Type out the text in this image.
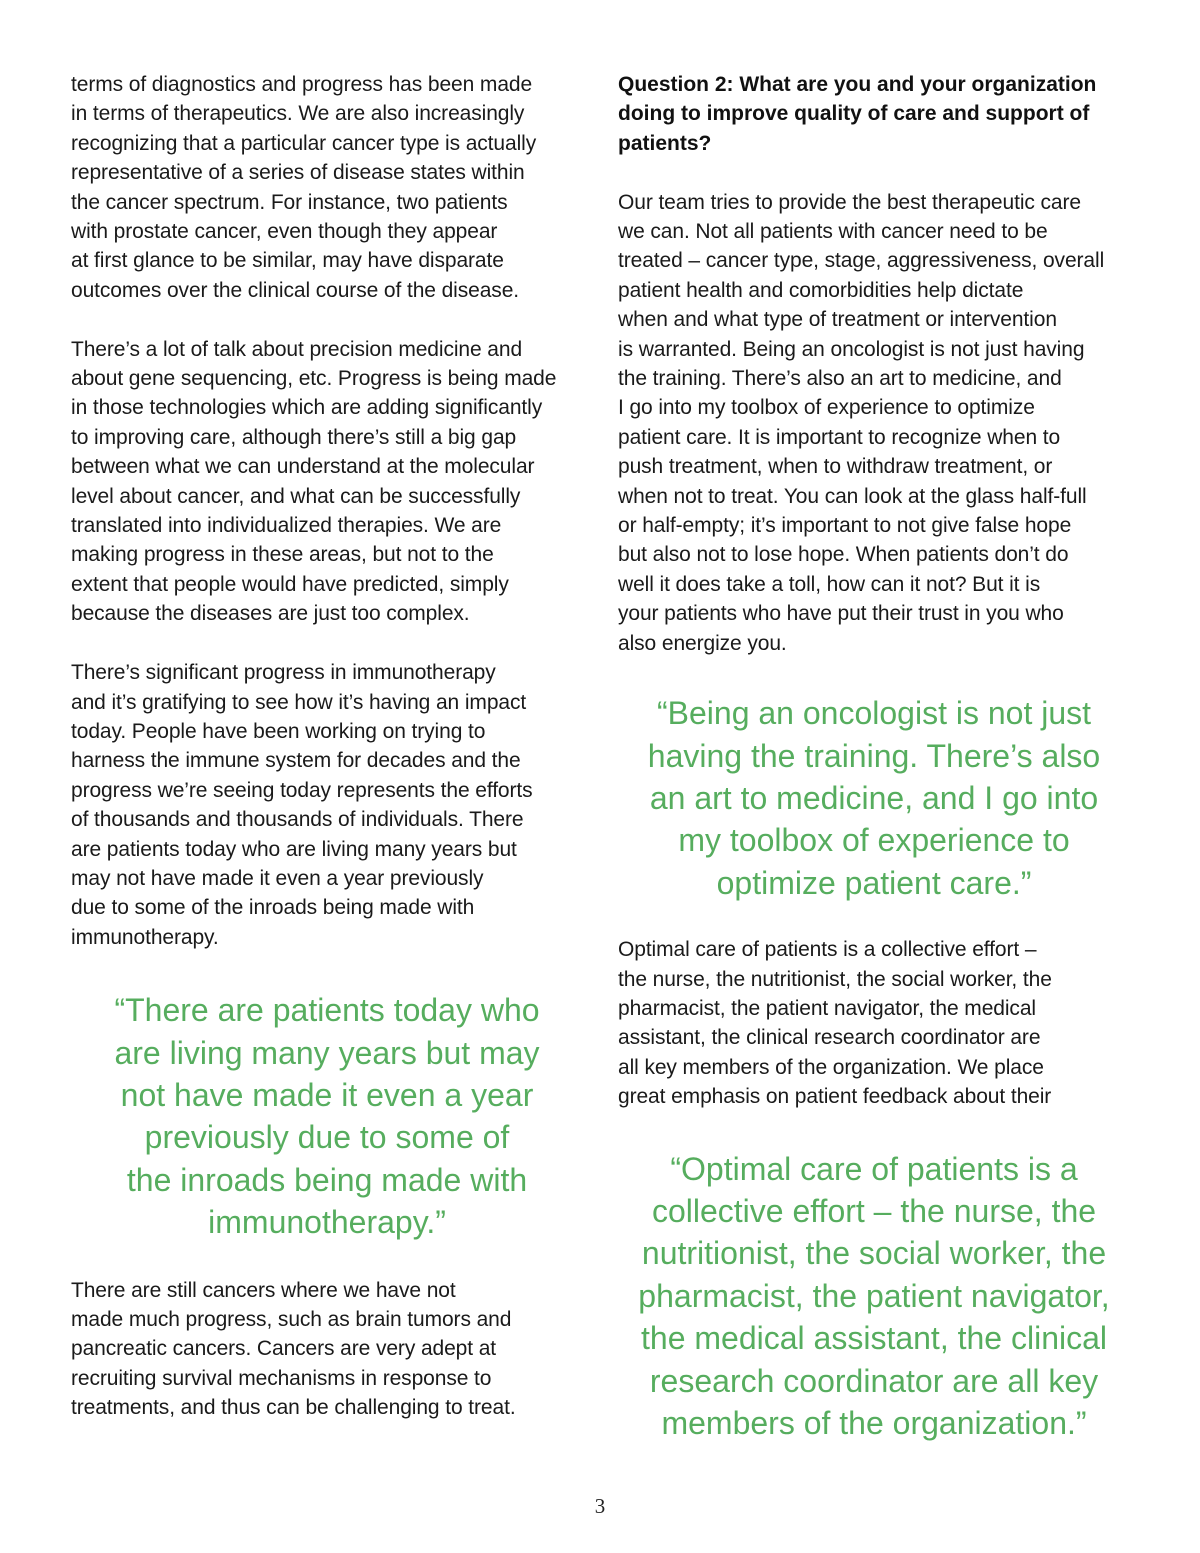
terms of diagnostics and progress has been made
in terms of therapeutics. We are also increasingly
recognizing that a particular cancer type is actually
representative of a series of disease states within
the cancer spectrum. For instance, two patients
with prostate cancer, even though they appear
at first glance to be similar, may have disparate
outcomes over the clinical course of the disease.

There’s a lot of talk about precision medicine and
about gene sequencing, etc. Progress is being made
in those technologies which are adding significantly
to improving care, although there’s still a big gap
between what we can understand at the molecular
level about cancer, and what can be successfully
translated into individualized therapies. We are
making progress in these areas, but not to the
extent that people would have predicted, simply
because the diseases are just too complex.

There’s significant progress in immunotherapy
and it’s gratifying to see how it’s having an impact
today. People have been working on trying to
harness the immune system for decades and the
progress we’re seeing today represents the efforts
of thousands and thousands of individuals. There
are patients today who are living many years but
may not have made it even a year previously
due to some of the inroads being made with
immunotherapy.

“There are patients today who
are living many years but may
not have made it even a year
previously due to some of
the inroads being made with
immunotherapy.”

There are still cancers where we have not
made much progress, such as brain tumors and
pancreatic cancers. Cancers are very adept at
recruiting survival mechanisms in response to
treatments, and thus can be challenging to treat.

Question 2: What are you and your organization
doing to improve quality of care and support of
patients?

Our team tries to provide the best therapeutic care
we can. Not all patients with cancer need to be
treated – cancer type, stage, aggressiveness, overall
patient health and comorbidities help dictate
when and what type of treatment or intervention
is warranted. Being an oncologist is not just having
the training. There’s also an art to medicine, and
I go into my toolbox of experience to optimize
patient care. It is important to recognize when to
push treatment, when to withdraw treatment, or
when not to treat. You can look at the glass half-full
or half-empty; it’s important to not give false hope
but also not to lose hope. When patients don’t do
well it does take a toll, how can it not? But it is
your patients who have put their trust in you who
also energize you.

“Being an oncologist is not just
having the training. There’s also
an art to medicine, and I go into
my toolbox of experience to
optimize patient care.”

Optimal care of patients is a collective effort –
the nurse, the nutritionist, the social worker, the
pharmacist, the patient navigator, the medical
assistant, the clinical research coordinator are
all key members of the organization. We place
great emphasis on patient feedback about their

“Optimal care of patients is a
collective effort – the nurse, the
nutritionist, the social worker, the
pharmacist, the patient navigator,
the medical assistant, the clinical
research coordinator are all key
members of the organization.”

3
